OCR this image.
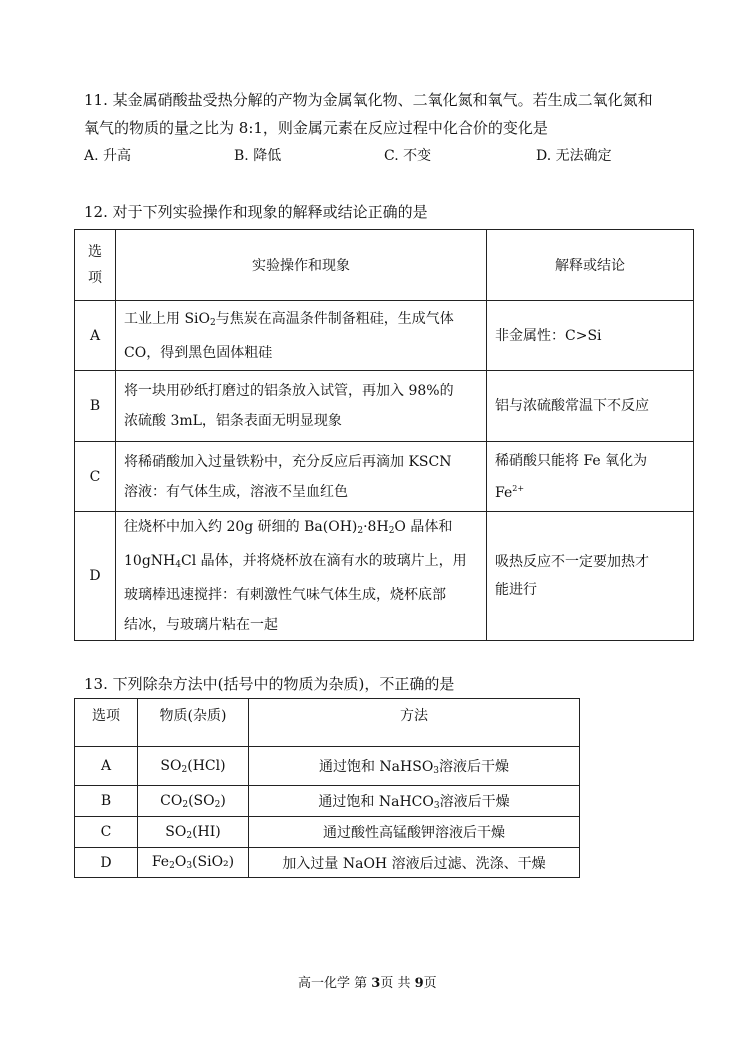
11. 某金属硝酸盐受热分解的产物为金属氧化物、二氧化氮和氧气。若生成二氧化氮和
氧气的物质的量之比为 8:1，则金属元素在反应过程中化合价的变化是
A. 升高	B. 降低	C. 不变	D. 无法确定
12. 对于下列实验操作和现象的解释或结论正确的是
选
项	实验操作和现象	解释或结论
A	工业上用 SiO$_2$与焦炭在高温条件制备粗硅，生成气体
CO，得到黑色固体粗硅	非金属性：C>Si
B	将一块用砂纸打磨过的铝条放入试管，再加入 98%的
浓硫酸 3mL，铝条表面无明显现象	铝与浓硫酸常温下不反应
C	将稀硝酸加入过量铁粉中，充分反应后再滴加 KSCN
溶液：有气体生成，溶液不呈血红色	稀硝酸只能将 Fe 氧化为
$Fe^{2+}$
D	往烧杯中加入约 20g 研细的 $Ba(OH)_2\cdot 8H_2O$ 晶体和
10gNH$_4$Cl 晶体，并将烧杯放在滴有水的玻璃片上，用
玻璃棒迅速搅拌：有刺激性气味气体生成，烧杯底部
结冰，与玻璃片粘在一起	吸热反应不一定要加热才
能进行
13. 下列除杂方法中(括号中的物质为杂质)，不正确的是
选项	物质(杂质)	方法
A	$SO_2(HCl)$	通过饱和 NaHSO$_3$溶液后干燥
B	$CO_2(SO_2)$	通过饱和 NaHCO$_3$溶液后干燥
C	$SO_2(HI)$	通过酸性高锰酸钾溶液后干燥
D	$Fe_2O_3(SiO_2)$	加入过量 NaOH 溶液后过滤、洗涤、干燥
高一化学 第 3页 共 9页
